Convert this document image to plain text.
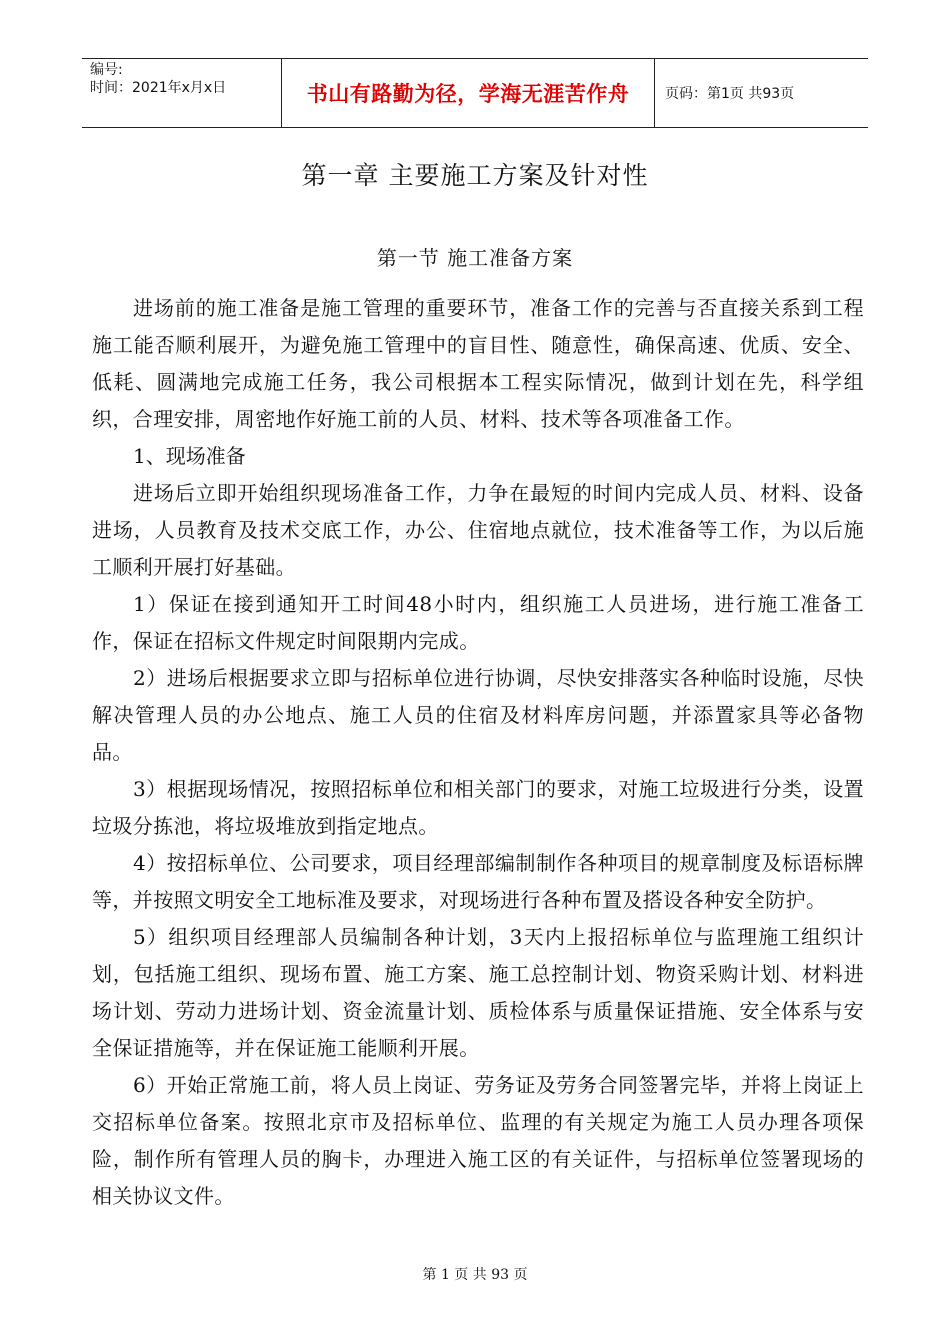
编号:
时间：2021年x月x日	书山有路勤为径，学海无涯苦作舟	页码：第1页 共93页
第一章 主要施工方案及针对性
第一节 施工准备方案

进场前的施工准备是施工管理的重要环节，准备工作的完善与否直接关系到工程施工能否顺利展开，为避免施工管理中的盲目性、随意性，确保高速、优质、安全、低耗、圆满地完成施工任务，我公司根据本工程实际情况，做到计划在先，科学组织，合理安排，周密地作好施工前的人员、材料、技术等各项准备工作。

1、现场准备

进场后立即开始组织现场准备工作，力争在最短的时间内完成人员、材料、设备进场，人员教育及技术交底工作，办公、住宿地点就位，技术准备等工作，为以后施工顺利开展打好基础。

1）保证在接到通知开工时间48小时内，组织施工人员进场，进行施工准备工作，保证在招标文件规定时间限期内完成。

2）进场后根据要求立即与招标单位进行协调，尽快安排落实各种临时设施，尽快解决管理人员的办公地点、施工人员的住宿及材料库房问题，并添置家具等必备物品。

3）根据现场情况，按照招标单位和相关部门的要求，对施工垃圾进行分类，设置垃圾分拣池，将垃圾堆放到指定地点。

4）按招标单位、公司要求，项目经理部编制制作各种项目的规章制度及标语标牌等，并按照文明安全工地标准及要求，对现场进行各种布置及搭设各种安全防护。

5）组织项目经理部人员编制各种计划，3天内上报招标单位与监理施工组织计划，包括施工组织、现场布置、施工方案、施工总控制计划、物资采购计划、材料进场计划、劳动力进场计划、资金流量计划、质检体系与质量保证措施、安全体系与安全保证措施等，并在保证施工能顺利开展。

6）开始正常施工前，将人员上岗证、劳务证及劳务合同签署完毕，并将上岗证上交招标单位备案。按照北京市及招标单位、监理的有关规定为施工人员办理各项保险，制作所有管理人员的胸卡，办理进入施工区的有关证件，与招标单位签署现场的相关协议文件。

第 1 页 共 93 页
